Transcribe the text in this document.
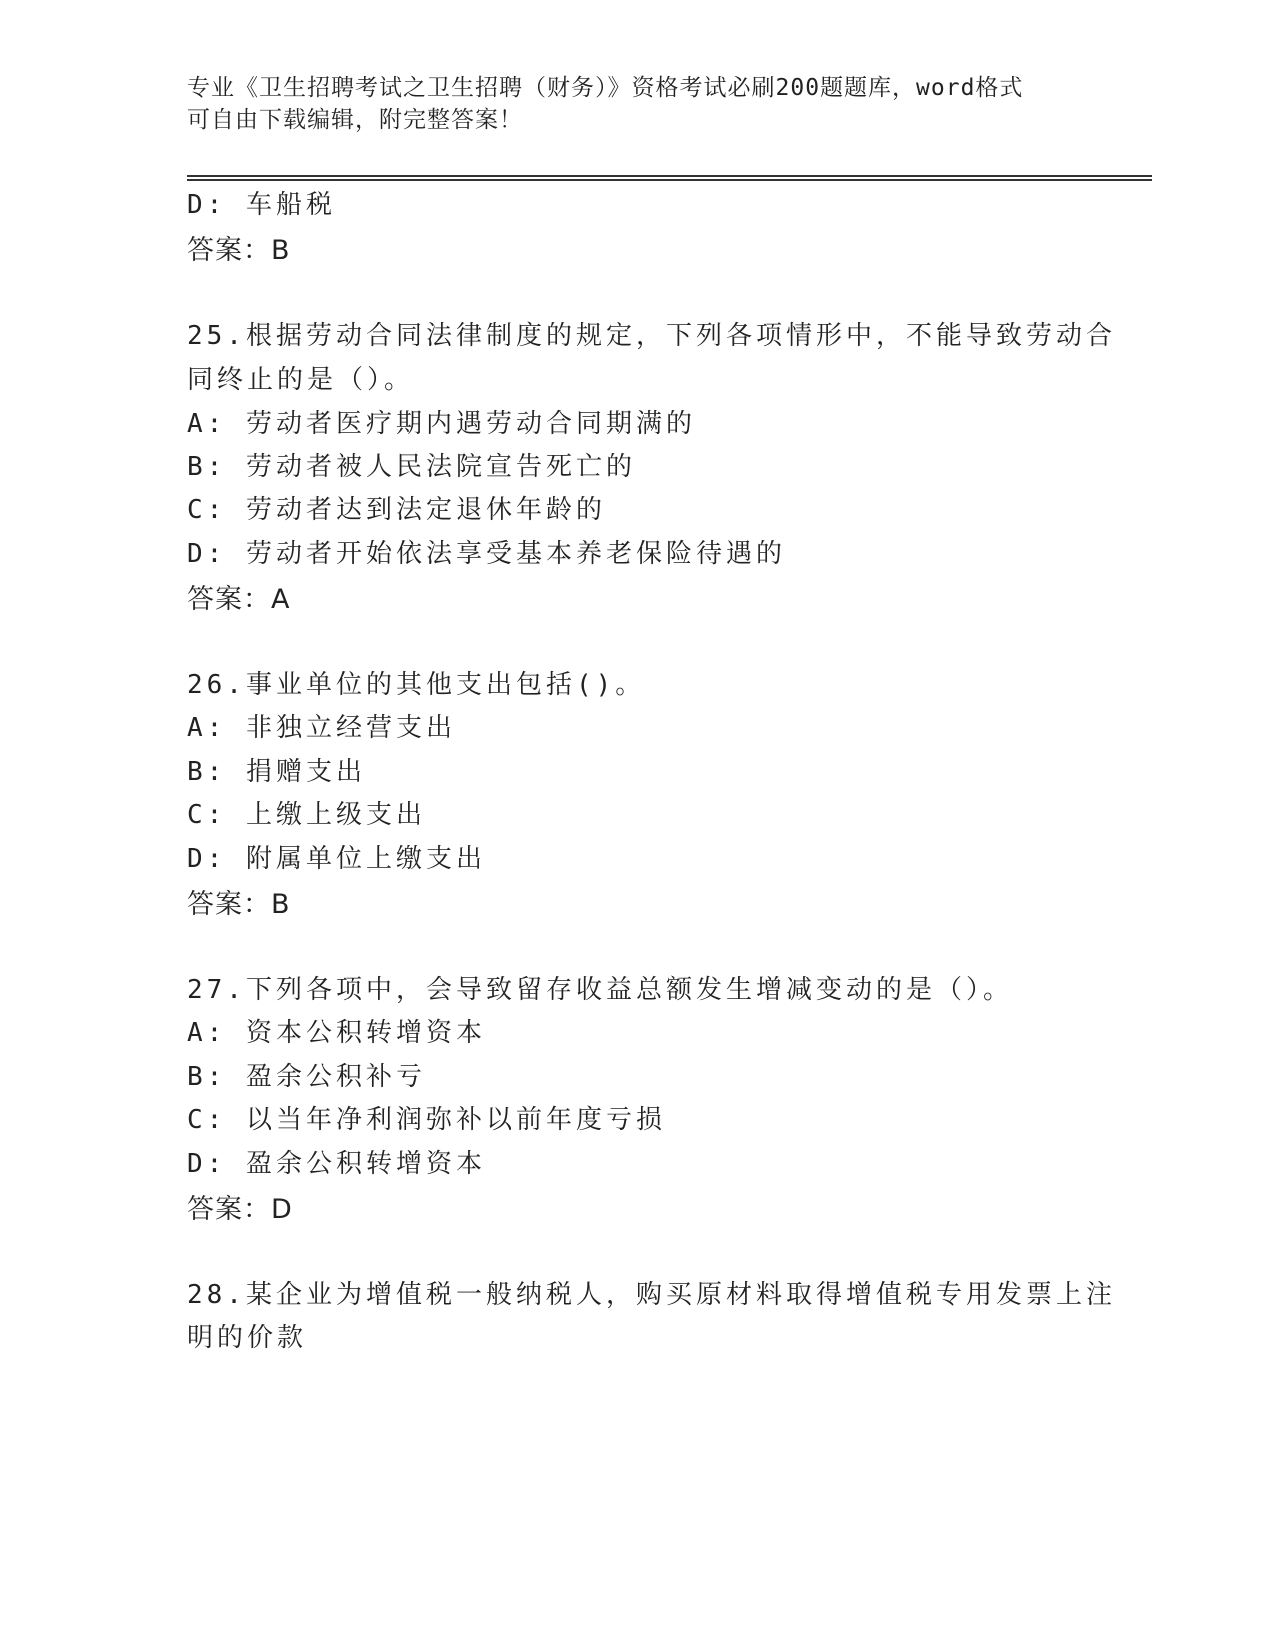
专业《卫生招聘考试之卫生招聘（财务）》资格考试必刷200题题库，word格式
可自由下载编辑，附完整答案！
D: 车船税
答案：B
25.根据劳动合同法律制度的规定，下列各项情形中，不能导致劳动合
同终止的是（）。
A: 劳动者医疗期内遇劳动合同期满的
B: 劳动者被人民法院宣告死亡的
C: 劳动者达到法定退休年龄的
D: 劳动者开始依法享受基本养老保险待遇的
答案：A
26.事业单位的其他支出包括()。
A: 非独立经营支出
B: 捐赠支出
C: 上缴上级支出
D: 附属单位上缴支出
答案：B
27.下列各项中，会导致留存收益总额发生增减变动的是（）。
A: 资本公积转增资本
B: 盈余公积补亏
C: 以当年净利润弥补以前年度亏损
D: 盈余公积转增资本
答案：D
28.某企业为增值税一般纳税人，购买原材料取得增值税专用发票上注
明的价款
